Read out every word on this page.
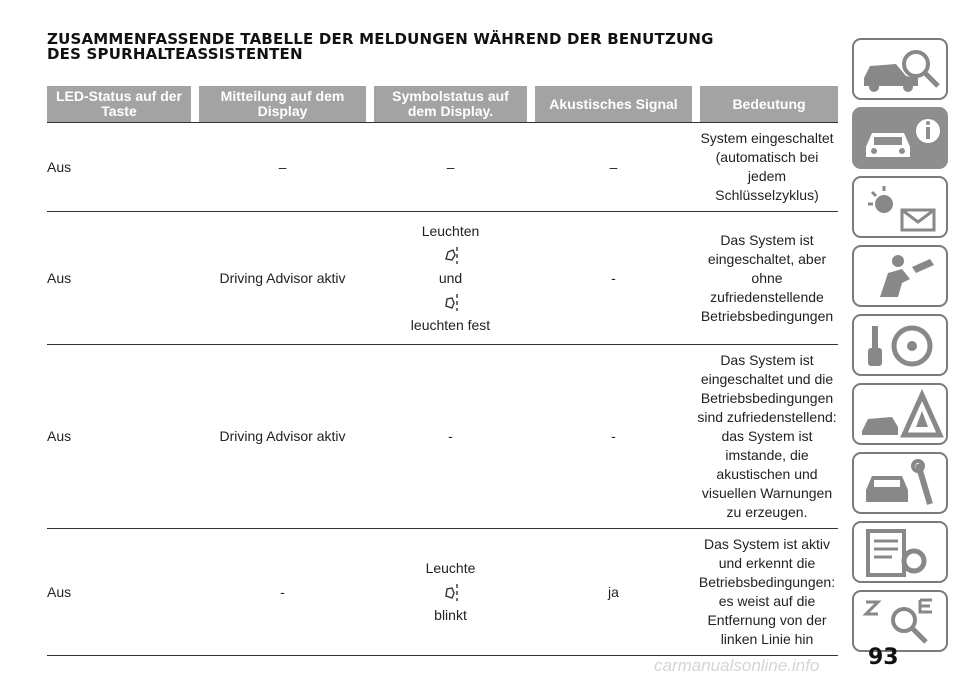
ZUSAMMENFASSENDE TABELLE DER MELDUNGEN WÄHREND DER BENUTZUNG
DES SPURHALTEASSISTENTEN
LED-Status auf der Taste	Mitteilung auf dem Display	Symbolstatus auf dem Display.	Akustisches Signal	Bedeutung

Aus	–	–	–	System eingeschaltet (automatisch bei jedem Schlüsselzyklus)
Aus	Driving Advisor aktiv	Leuchten
und
leuchten fest	-	Das System ist eingeschaltet, aber ohne zufriedenstellende Betriebsbedingungen
Aus	Driving Advisor aktiv	-	-	Das System ist eingeschaltet und die Betriebsbedingungen sind zufriedenstellend: das System ist imstande, die akustischen und visuellen Warnungen zu erzeugen.
Aus	-	Leuchte
blinkt	ja	Das System ist aktiv und erkennt die Betriebsbedingungen: es weist auf die Entfernung von der linken Linie hin
93
carmanualsonline.info
